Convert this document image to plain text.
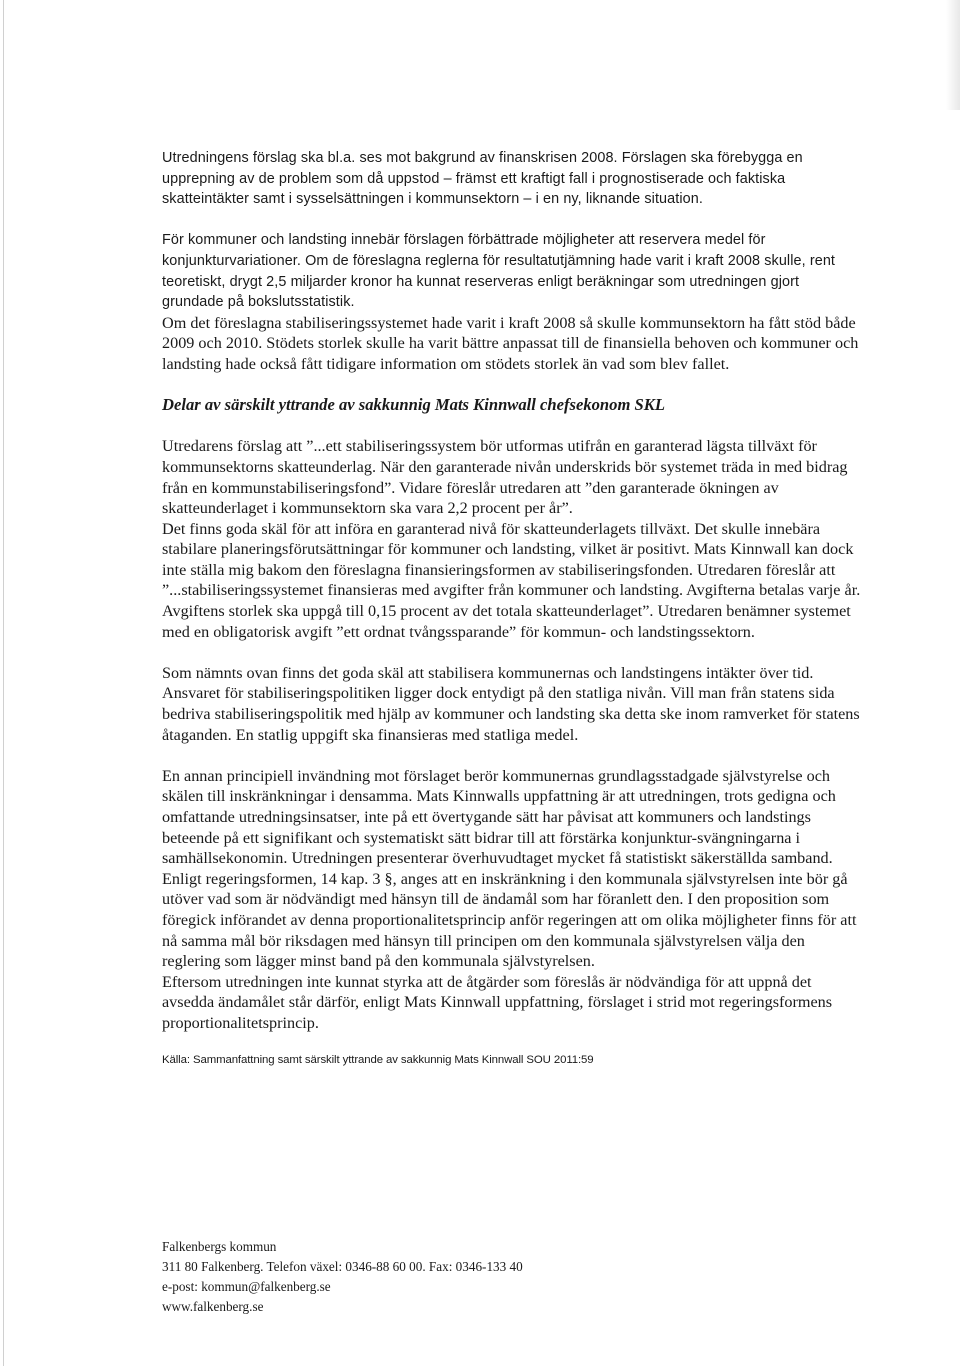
Utredningens förslag ska bl.a. ses mot bakgrund av finanskrisen 2008. Förslagen ska förebygga en upprepning av de problem som då uppstod – främst ett kraftigt fall i prognostiserade och faktiska skatteintäkter samt i sysselsättningen i kommunsektorn – i en ny, liknande situation.

För kommuner och landsting innebär förslagen förbättrade möjligheter att reservera medel för konjunkturvariationer. Om de föreslagna reglerna för resultatutjämning hade varit i kraft 2008 skulle, rent teoretiskt, drygt 2,5 miljarder kronor ha kunnat reserveras enligt beräkningar som utredningen gjort grundade på bokslutsstatistik.

Om det föreslagna stabiliseringssystemet hade varit i kraft 2008 så skulle kommunsektorn ha fått stöd både 2009 och 2010. Stödets storlek skulle ha varit bättre anpassat till de finansiella behoven och kommuner och landsting hade också fått tidigare information om stödets storlek än vad som blev fallet.

Delar av särskilt yttrande av sakkunnig Mats Kinnwall chefsekonom SKL

Utredarens förslag att ”...ett stabiliseringssystem bör utformas utifrån en garanterad lägsta tillväxt för kommunsektorns skatteunderlag. När den garanterade nivån underskrids bör systemet träda in med bidrag från en kommunstabiliseringsfond”. Vidare föreslår utredaren att ”den garanterade ökningen av skatteunderlaget i kommunsektorn ska vara 2,2 procent per år”.

Det finns goda skäl för att införa en garanterad nivå för skatteunderlagets tillväxt. Det skulle innebära stabilare planeringsförutsättningar för kommuner och landsting, vilket är positivt. Mats Kinnwall kan dock inte ställa mig bakom den föreslagna finansieringsformen av stabiliseringsfonden. Utredaren föreslår att ”...stabiliseringssystemet finansieras med avgifter från kommuner och landsting. Avgifterna betalas varje år. Avgiftens storlek ska uppgå till 0,15 procent av det totala skatteunderlaget”. Utredaren benämner systemet med en obligatorisk avgift ”ett ordnat tvångssparande” för kommun- och landstingssektorn.

Som nämnts ovan finns det goda skäl att stabilisera kommunernas och landstingens intäkter över tid. Ansvaret för stabiliseringspolitiken ligger dock entydigt på den statliga nivån. Vill man från statens sida bedriva stabiliseringspolitik med hjälp av kommuner och landsting ska detta ske inom ramverket för statens åtaganden. En statlig uppgift ska finansieras med statliga medel.

En annan principiell invändning mot förslaget berör kommunernas grundlagsstadgade självstyrelse och skälen till inskränkningar i densamma. Mats Kinnwalls uppfattning är att utredningen, trots gedigna och omfattande utredningsinsatser, inte på ett övertygande sätt har påvisat att kommuners och landstings beteende på ett signifikant och systematiskt sätt bidrar till att förstärka konjunktur-svängningarna i samhällsekonomin. Utredningen presenterar överhuvudtaget mycket få statistiskt säkerställda samband.

Enligt regeringsformen, 14 kap. 3 §, anges att en inskränkning i den kommunala självstyrelsen inte bör gå utöver vad som är nödvändigt med hänsyn till de ändamål som har föranlett den. I den proposition som föregick införandet av denna proportionalitetsprincip anför regeringen att om olika möjligheter finns för att nå samma mål bör riksdagen med hänsyn till principen om den kommunala självstyrelsen välja den reglering som lägger minst band på den kommunala självstyrelsen.

Eftersom utredningen inte kunnat styrka att de åtgärder som föreslås är nödvändiga för att uppnå det avsedda ändamålet står därför, enligt Mats Kinnwall uppfattning, förslaget i strid mot regeringsformens proportionalitetsprincip.

Källa: Sammanfattning samt särskilt yttrande av sakkunnig Mats Kinnwall SOU 2011:59

Falkenbergs kommun

311 80 Falkenberg. Telefon växel: 0346-88 60 00. Fax: 0346-133 40

e-post: kommun@falkenberg.se

www.falkenberg.se
